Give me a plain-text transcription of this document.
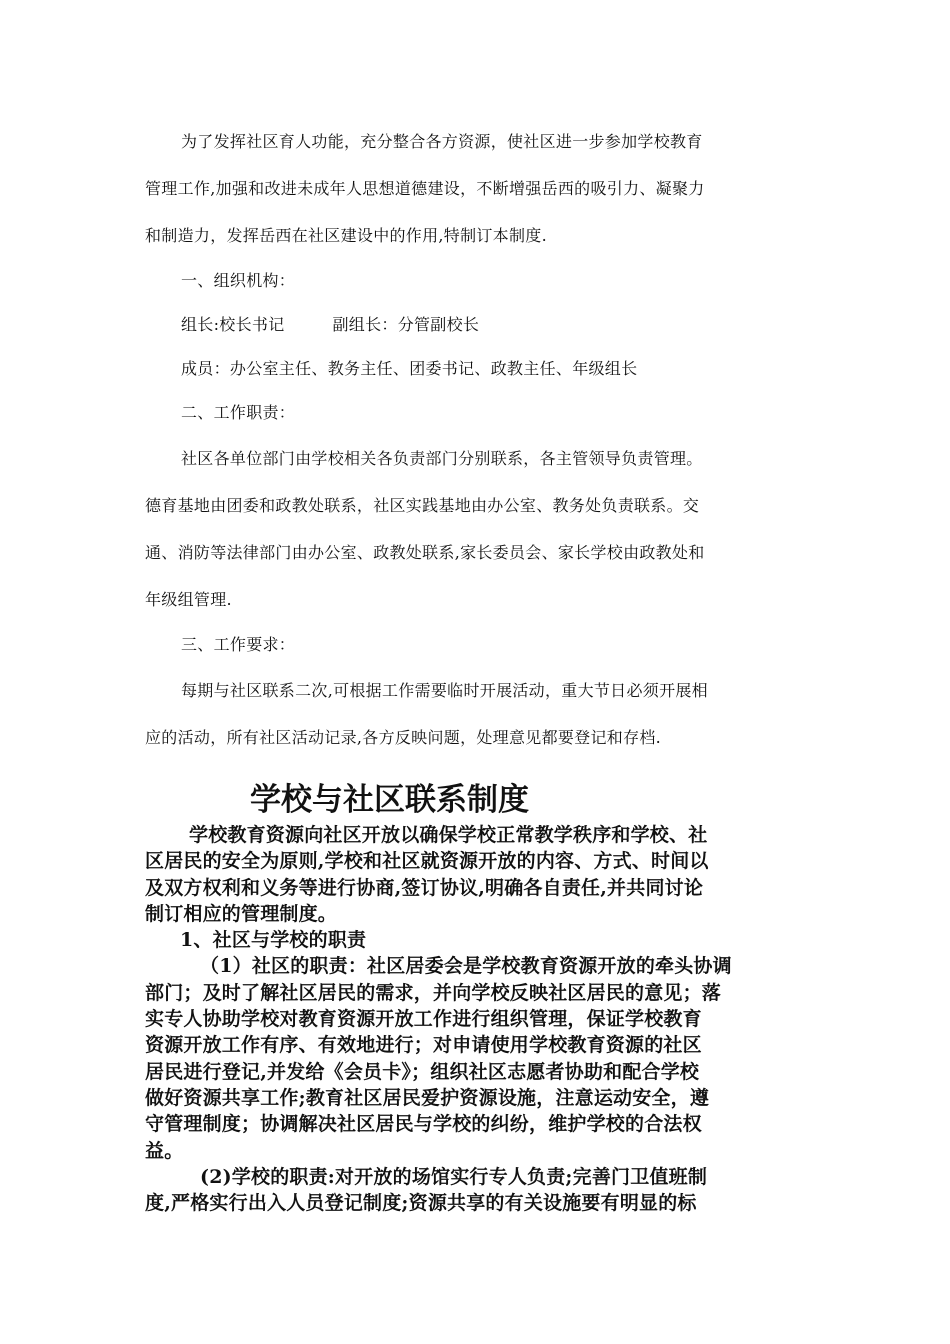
为了发挥社区育人功能，充分整合各方资源，使社区进一步参加学校教育

管理工作,加强和改进未成年人思想道德建设，不断增强岳西的吸引力、凝聚力

和制造力，发挥岳西在社区建设中的作用,特制订本制度.

一、组织机构：

组长:校长书记	副组长：分管副校长

成员：办公室主任、教务主任、团委书记、政教主任、年级组长

二、工作职责：

社区各单位部门由学校相关各负责部门分别联系，各主管领导负责管理。

德育基地由团委和政教处联系，社区实践基地由办公室、教务处负责联系。交

通、消防等法律部门由办公室、政教处联系,家长委员会、家长学校由政教处和

年级组管理.

三、工作要求：

每期与社区联系二次,可根据工作需要临时开展活动，重大节日必须开展相

应的活动，所有社区活动记录,各方反映问题，处理意见都要登记和存档.

学校与社区联系制度

学校教育资源向社区开放以确保学校正常教学秩序和学校、社

区居民的安全为原则,学校和社区就资源开放的内容、方式、时间以

及双方权利和义务等进行协商,签订协议,明确各自责任,并共同讨论

制订相应的管理制度。

1、社区与学校的职责

（1）社区的职责：社区居委会是学校教育资源开放的牵头协调

部门；及时了解社区居民的需求，并向学校反映社区居民的意见；落

实专人协助学校对教育资源开放工作进行组织管理，保证学校教育

资源开放工作有序、有效地进行；对申请使用学校教育资源的社区

居民进行登记,并发给《会员卡》；组织社区志愿者协助和配合学校

做好资源共享工作;教育社区居民爱护资源设施，注意运动安全，遵

守管理制度；协调解决社区居民与学校的纠纷，维护学校的合法权

益。

(2)学校的职责:对开放的场馆实行专人负责;完善门卫值班制

度,严格实行出入人员登记制度;资源共享的有关设施要有明显的标
